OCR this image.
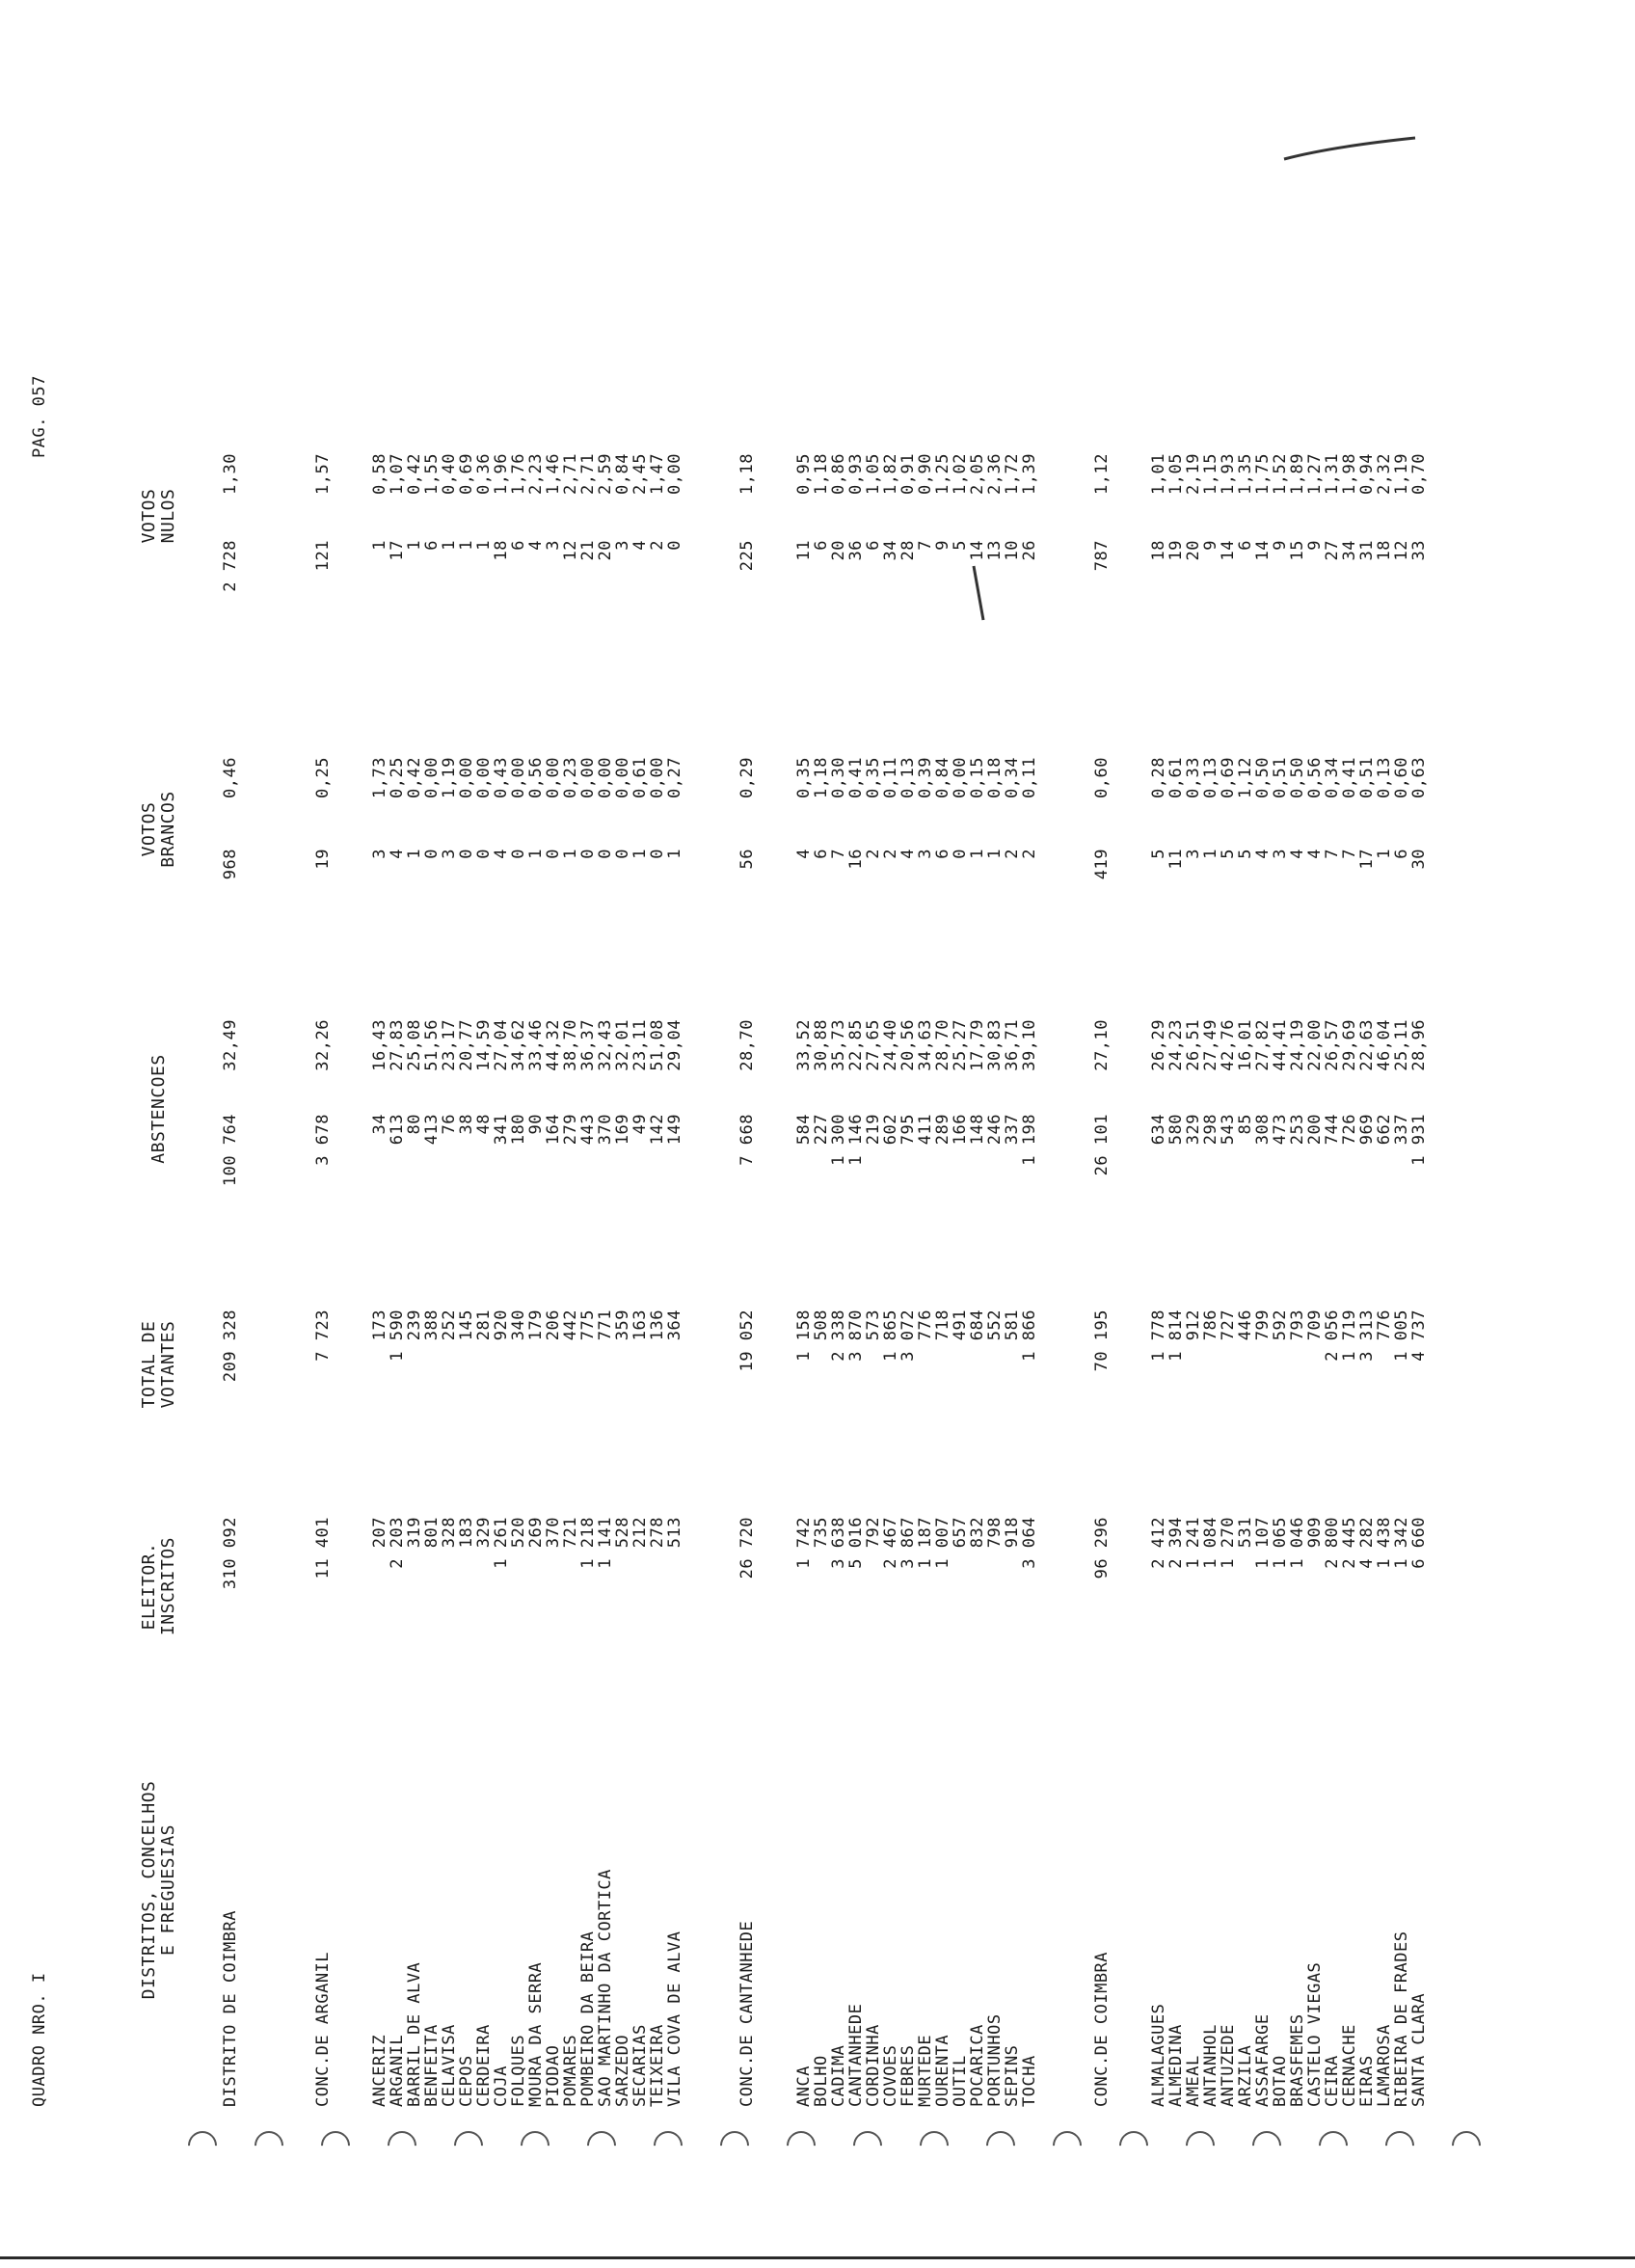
QUADRO NRO. I
PAG. 057

DISTRITOS, CONCELHOS E FREGUESIAS

ELEITOR. INSCRITOS

TOTAL DE VOTANTES

ABSTENCOES

VOTOS BRANCOS

VOTOS NULOS

DISTRITO DE COIMBRA
310 092
209 328
100 764
32,49
968
0,46
2 728
1,30
CONC.DE ARGANIL
11 401
7 723
3 678
32,26
19
0,25
121
1,57
ANCERIZ
207
173
34
16,43
3
1,73
1
0,58
ARGANIL
2 203
1 590
613
27,83
4
0,25
17
1,07
BARRIL DE ALVA
319
239
80
25,08
1
0,42
1
0,42
BENFEITA
801
388
413
51,56
0
0,00
6
1,55
CELAVISA
328
252
76
23,17
3
1,19
1
0,40
CEPOS
183
145
38
20,77
0
0,00
1
0,69
CERDEIRA
329
281
48
14,59
0
0,00
1
0,36
COJA
1 261
920
341
27,04
4
0,43
18
1,96
FOLQUES
520
340
180
34,62
0
0,00
6
1,76
MOURA DA SERRA
269
179
90
33,46
1
0,56
4
2,23
PIODAO
370
206
164
44,32
0
0,00
3
1,46
POMARES
721
442
279
38,70
1
0,23
12
2,71
POMBEIRO DA BEIRA
1 218
775
443
36,37
0
0,00
21
2,71
SAO MARTINHO DA CORTICA
1 141
771
370
32,43
0
0,00
20
2,59
SARZEDO
528
359
169
32,01
0
0,00
3
0,84
SECARIAS
212
163
49
23,11
1
0,61
4
2,45
TEIXEIRA
278
136
142
51,08
0
0,00
2
1,47
VILA COVA DE ALVA
513
364
149
29,04
1
0,27
0
0,00
CONC.DE CANTANHEDE
26 720
19 052
7 668
28,70
56
0,29
225
1,18
ANCA
1 742
1 158
584
33,52
4
0,35
11
0,95
BOLHO
735
508
227
30,88
6
1,18
6
1,18
CADIMA
3 638
2 338
1 300
35,73
7
0,30
20
0,86
CANTANHEDE
5 016
3 870
1 146
22,85
16
0,41
36
0,93
CORDINHA
792
573
219
27,65
2
0,35
6
1,05
COVOES
2 467
1 865
602
24,40
2
0,11
34
1,82
FEBRES
3 867
3 072
795
20,56
4
0,13
28
0,91
MURTEDE
1 187
776
411
34,63
3
0,39
7
0,90
OURENTA
1 007
718
289
28,70
6
0,84
9
1,25
OUTIL
657
491
166
25,27
0
0,00
5
1,02
POCARICA
832
684
148
17,79
1
0,15
14
2,05
PORTUNHOS
798
552
246
30,83
1
0,18
13
2,36
SEPINS
918
581
337
36,71
2
0,34
10
1,72
TOCHA
3 064
1 866
1 198
39,10
2
0,11
26
1,39
CONC.DE COIMBRA
96 296
70 195
26 101
27,10
419
0,60
787
1,12
ALMALAGUES
2 412
1 778
634
26,29
5
0,28
18
1,01
ALMEDINA
2 394
1 814
580
24,23
11
0,61
19
1,05
AMEAL
1 241
912
329
26,51
3
0,33
20
2,19
ANTANHOL
1 084
786
298
27,49
1
0,13
9
1,15
ANTUZEDE
1 270
727
543
42,76
5
0,69
14
1,93
ARZILA
531
446
85
16,01
5
1,12
6
1,35
ASSAFARGE
1 107
799
308
27,82
4
0,50
14
1,75
BOTAO
1 065
592
473
44,41
3
0,51
9
1,52
BRASFEMES
1 046
793
253
24,19
4
0,50
15
1,89
CASTELO VIEGAS
909
709
200
22,00
4
0,56
9
1,27
CEIRA
2 800
2 056
744
26,57
7
0,34
27
1,31
CERNACHE
2 445
1 719
726
29,69
7
0,41
34
1,98
EIRAS
4 282
3 313
969
22,63
17
0,51
31
0,94
LAMAROSA
1 438
776
662
46,04
1
0,13
18
2,32
RIBEIRA DE FRADES
1 342
1 005
337
25,11
6
0,60
12
1,19
SANTA CLARA
6 660
4 737
1 931
28,96
30
0,63
33
0,70
